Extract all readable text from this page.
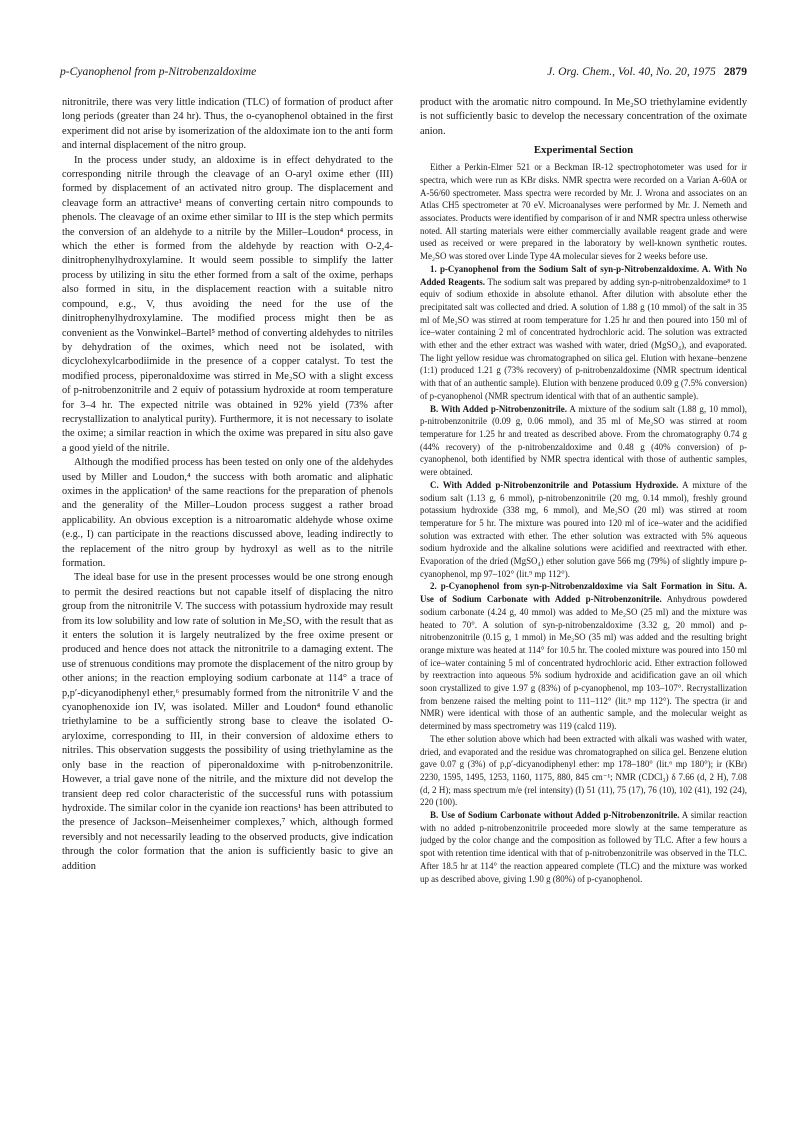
p-Cyanophenol from p-Nitrobenzaldoxime	J. Org. Chem., Vol. 40, No. 20, 1975 2879

nitronitrile, there was very little indication (TLC) of formation of product after long periods (greater than 24 hr). Thus, the o-cyanophenol obtained in the first experiment did not arise by isomerization of the aldoximate ion to the anti form and internal displacement of the nitro group.

In the process under study, an aldoxime is in effect dehydrated to the corresponding nitrile through the cleavage of an O-aryl oxime ether (III) formed by displacement of an activated nitro group. The displacement and cleavage form an attractive¹ means of converting certain nitro compounds to phenols. The cleavage of an oxime ether similar to III is the step which permits the conversion of an aldehyde to a nitrile by the Miller–Loudon⁴ process, in which the ether is formed from the aldehyde by reaction with O-2,4-dinitrophenylhydroxylamine. It would seem possible to simplify the latter process by utilizing in situ the ether formed from a salt of the oxime, perhaps also formed in situ, in the displacement reaction with a suitable nitro compound, e.g., V, thus avoiding the need for the use of the dinitrophenylhydroxylamine. The modified process might then be as convenient as the Vonwinkel–Bartel⁵ method of converting aldehydes to nitriles by dehydration of the oximes, which need not be isolated, with dicyclohexylcarbodiimide in the presence of a copper catalyst. To test the modified process, piperonaldoxime was stirred in Me₂SO with a slight excess of p-nitrobenzonitrile and 2 equiv of potassium hydroxide at room temperature for 3–4 hr. The expected nitrile was obtained in 92% yield (73% after recrystallization to analytical purity). Furthermore, it is not necessary to isolate the oxime; a similar reaction in which the oxime was prepared in situ also gave a good yield of the nitrile.

Although the modified process has been tested on only one of the aldehydes used by Miller and Loudon,⁴ the success with both aromatic and aliphatic oximes in the application¹ of the same reactions for the preparation of phenols and the generality of the Miller–Loudon process suggest a rather broad applicability. An obvious exception is a nitroaromatic aldehyde whose oxime (e.g., I) can participate in the reactions discussed above, leading indirectly to the replacement of the nitro group by hydroxyl as well as to the nitrile formation.

The ideal base for use in the present processes would be one strong enough to permit the desired reactions but not capable itself of displacing the nitro group from the nitronitrile V. The success with potassium hydroxide may result from its low solubility and low rate of solution in Me₂SO, with the result that as it enters the solution it is largely neutralized by the free oxime present or produced and hence does not attack the nitronitrile to a damaging extent. The use of strenuous conditions may promote the displacement of the nitro group by other anions; in the reaction employing sodium carbonate at 114° a trace of p,p′-dicyanodiphenyl ether,⁶ presumably formed from the nitronitrile V and the cyanophenoxide ion IV, was isolated. Miller and Loudon⁴ found ethanolic triethylamine to be a sufficiently strong base to cleave the isolated O-aryloxime, corresponding to III, in their conversion of aldoxime ethers to nitriles. This observation suggests the possibility of using triethylamine as the only base in the reaction of piperonaldoxime with p-nitrobenzonitrile. However, a trial gave none of the nitrile, and the mixture did not develop the transient deep red color characteristic of the successful runs with potassium hydroxide. The similar color in the cyanide ion reactions¹ has been attributed to the presence of Jackson–Meisenheimer complexes,⁷ which, although formed reversibly and not necessarily leading to the observed products, give indication through the color formation that the anion is sufficiently basic to give an addition

product with the aromatic nitro compound. In Me₂SO triethylamine evidently is not sufficiently basic to develop the necessary concentration of the oximate anion.

Experimental Section

Either a Perkin-Elmer 521 or a Beckman IR-12 spectrophotometer was used for ir spectra, which were run as KBr disks. NMR spectra were recorded on a Varian A-60A or A-56/60 spectrometer. Mass spectra were recorded by Mr. J. Wrona and associates on an Atlas CH5 spectrometer at 70 eV. Microanalyses were performed by Mr. J. Nemeth and associates. Products were identified by comparison of ir and NMR spectra unless otherwise noted. All starting materials were either commercially available reagent grade and were used as received or were prepared in the laboratory by well-known synthetic routes. Me₂SO was stored over Linde Type 4A molecular sieves for 2 weeks before use.

1. p-Cyanophenol from the Sodium Salt of syn-p-Nitrobenzaldoxime. A. With No Added Reagents. The sodium salt was prepared by adding syn-p-nitrobenzaldoxime⁸ to 1 equiv of sodium ethoxide in absolute ethanol. After dilution with absolute ether the precipitated salt was collected and dried. A solution of 1.88 g (10 mmol) of the salt in 35 ml of Me₂SO was stirred at room temperature for 1.25 hr and then poured into 150 ml of ice–water containing 2 ml of concentrated hydrochloric acid. The solution was extracted with ether and the ether extract was washed with water, dried (MgSO₄), and evaporated. The light yellow residue was chromatographed on silica gel. Elution with hexane–benzene (1:1) produced 1.21 g (73% recovery) of p-nitrobenzaldoxime (NMR spectrum identical with that of an authentic sample). Elution with benzene produced 0.09 g (7.5% conversion) of p-cyanophenol (NMR spectrum identical with that of an authentic sample).

B. With Added p-Nitrobenzonitrile. A mixture of the sodium salt (1.88 g, 10 mmol), p-nitrobenzonitrile (0.09 g, 0.06 mmol), and 35 ml of Me₂SO was stirred at room temperature for 1.25 hr and treated as described above. From the chromatography 0.74 g (44% recovery) of the p-nitrobenzaldoxime and 0.48 g (40% conversion) of p-cyanophenol, both identified by NMR spectra identical with those of authentic samples, were obtained.

C. With Added p-Nitrobenzonitrile and Potassium Hydroxide. A mixture of the sodium salt (1.13 g, 6 mmol), p-nitrobenzonitrile (20 mg, 0.14 mmol), freshly ground potassium hydroxide (338 mg, 6 mmol), and Me₂SO (20 ml) was stirred at room temperature for 5 hr. The mixture was poured into 120 ml of ice–water and the acidified solution was extracted with ether. The ether solution was extracted with 5% aqueous sodium hydroxide and the alkaline solutions were acidified and reextracted with ether. Evaporation of the dried (MgSO₄) ether solution gave 566 mg (79%) of slightly impure p-cyanophenol, mp 97–102° (lit.⁹ mp 112°).

2. p-Cyanophenol from syn-p-Nitrobenzaldoxime via Salt Formation in Situ. A. Use of Sodium Carbonate with Added p-Nitrobenzonitrile. Anhydrous powdered sodium carbonate (4.24 g, 40 mmol) was added to Me₂SO (25 ml) and the mixture was heated to 70°. A solution of syn-p-nitrobenzaldoxime (3.32 g, 20 mmol) and p-nitrobenzonitrile (0.15 g, 1 mmol) in Me₂SO (35 ml) was added and the resulting bright orange mixture was heated at 114° for 10.5 hr. The cooled mixture was poured into 150 ml of ice–water containing 5 ml of concentrated hydrochloric acid. Ether extraction followed by reextraction into aqueous 5% sodium hydroxide and acidification gave an oil which soon crystallized to give 1.97 g (83%) of p-cyanophenol, mp 103–107°. Recrystallization from benzene raised the melting point to 111–112° (lit.⁹ mp 112°). The spectra (ir and NMR) were identical with those of an authentic sample, and the molecular weight as determined by mass spectrometry was 119 (calcd 119).

The ether solution above which had been extracted with alkali was washed with water, dried, and evaporated and the residue was chromatographed on silica gel. Benzene elution gave 0.07 g (3%) of p,p′-dicyanodiphenyl ether: mp 178–180° (lit.⁶ mp 180°); ir (KBr) 2230, 1595, 1495, 1253, 1160, 1175, 880, 845 cm⁻¹; NMR (CDCl₃) δ 7.66 (d, 2 H), 7.08 (d, 2 H); mass spectrum m/e (rel intensity) (I) 51 (11), 75 (17), 76 (10), 102 (41), 192 (24), 220 (100).

B. Use of Sodium Carbonate without Added p-Nitrobenzonitrile. A similar reaction with no added p-nitrobenzonitrile proceeded more slowly at the same temperature as judged by the color change and the composition as followed by TLC. After a few hours a spot with retention time identical with that of p-nitrobenzonitrile was observed in the TLC. After 18.5 hr at 114° the reaction appeared complete (TLC) and the mixture was worked up as described above, giving 1.90 g (80%) of p-cyanophenol.
